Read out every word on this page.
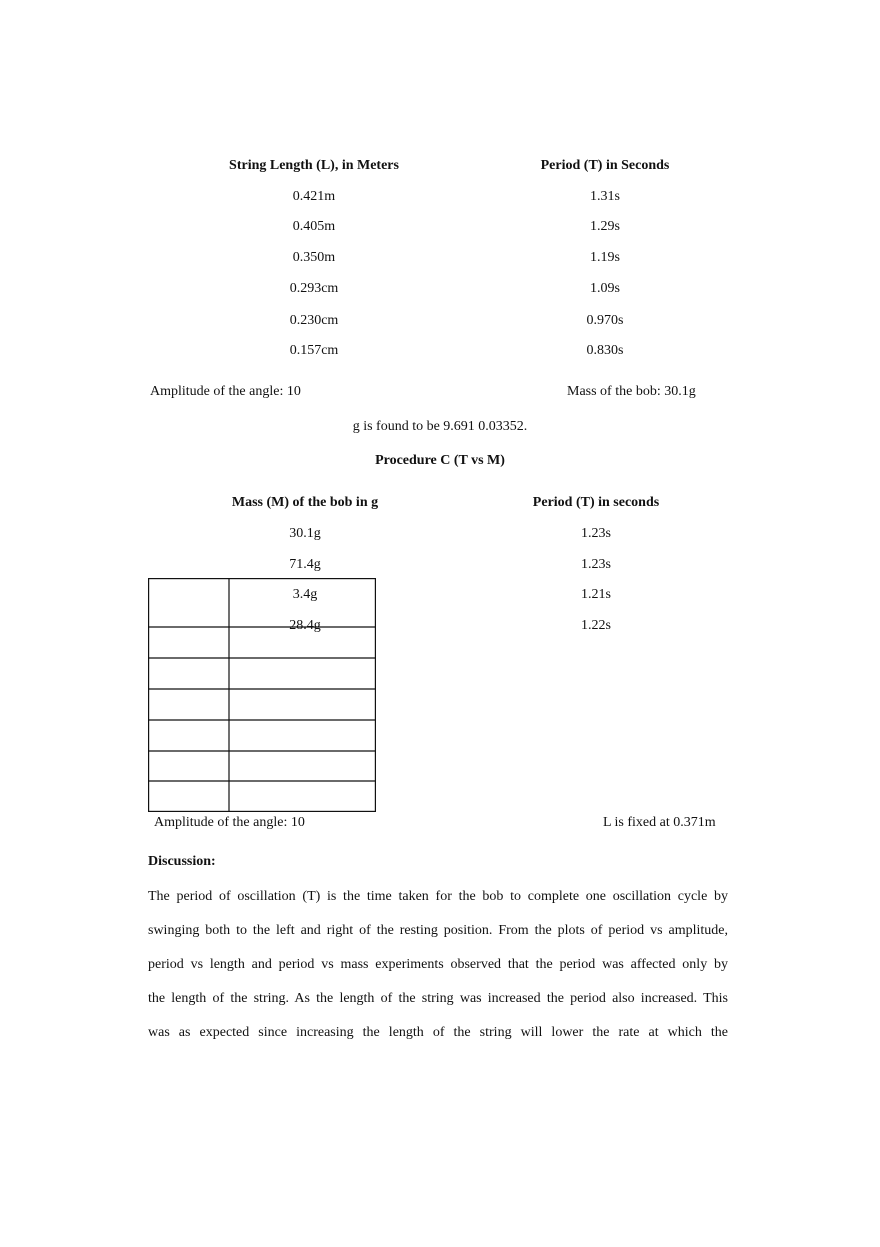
String Length (L), in Meters	Period (T) in Seconds
0.421m	1.31s
0.405m	1.29s
0.350m	1.19s
0.293cm	1.09s
0.230cm	0.970s
0.157cm	0.830s
Amplitude of the angle: 10	Mass of the bob: 30.1g
g is found to be 9.691 0.03352.
Procedure C (T vs M)
Mass (M) of the bob in g	Period (T) in seconds
30.1g	1.23s
71.4g	1.23s
3.4g	1.21s
28.4g	1.22s
Amplitude of the angle: 10	L is fixed at 0.371m
Discussion:
The period of oscillation (T) is the time taken for the bob to complete one oscillation cycle by
swinging both to the left and right of the resting position. From the plots of period vs amplitude,
period vs length and period vs mass experiments observed that the period was affected only by
the length of the string. As the length of the string was increased the period also increased. This
was as expected since increasing the length of the string will lower the rate at which the
